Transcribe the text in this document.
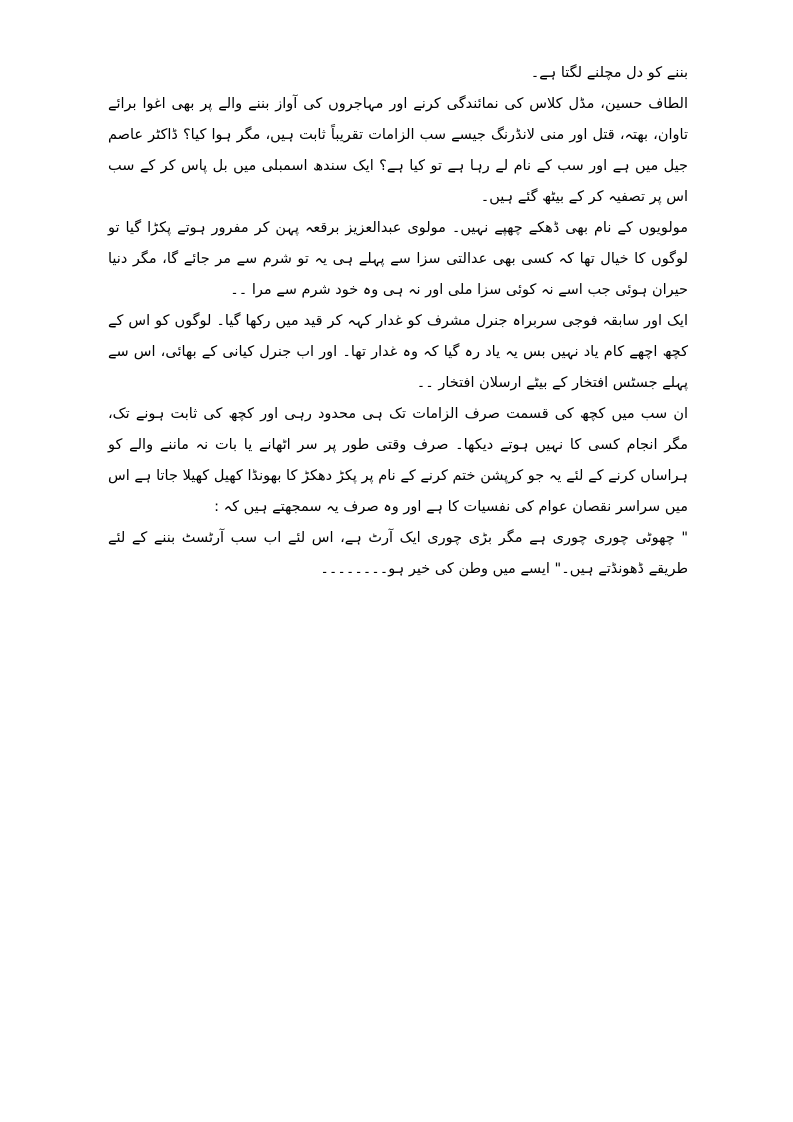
بننے کو دل مچلنے لگتا ہے۔

الطاف حسین، مڈل کلاس کی نمائندگی کرنے اور مہاجروں کی آواز بننے والے پر بھی اغوا برائے تاوان، بھتہ، قتل اور منی لانڈرنگ جیسے سب الزامات تقریباً ثابت ہیں، مگر ہوا کیا؟ ڈاکٹر عاصم جیل میں ہے اور سب کے نام لے رہا ہے تو کیا ہے؟ ایک سندھ اسمبلی میں بل پاس کر کے سب اس پر تصفیہ کر کے بیٹھ گئے ہیں۔

مولویوں کے نام بھی ڈھکے چھپے نہیں۔ مولوی عبدالعزیز برقعہ پہن کر مفرور ہوتے پکڑا گیا تو لوگوں کا خیال تھا کہ کسی بھی عدالتی سزا سے پہلے ہی یہ تو شرم سے مر جائے گا، مگر دنیا حیران ہوئی جب اسے نہ کوئی سزا ملی اور نہ ہی وہ خود شرم سے مرا ۔۔

ایک اور سابقہ فوجی سربراہ جنرل مشرف کو غدار کہہ کر قید میں رکھا گیا۔ لوگوں کو اس کے کچھ اچھے کام یاد نہیں بس یہ یاد رہ گیا کہ وہ غدار تھا۔ اور اب جنرل کیانی کے بھائی، اس سے پہلے جسٹس افتخار کے بیٹے ارسلان افتخار ۔۔

ان سب میں کچھ کی قسمت صرف الزامات تک ہی محدود رہی اور کچھ کی ثابت ہونے تک، مگر انجام کسی کا نہیں ہوتے دیکھا۔ صرف وقتی طور پر سر اٹھانے یا بات نہ ماننے والے کو ہراساں کرنے کے لئے یہ جو کرپشن ختم کرنے کے نام پر پکڑ دھکڑ کا بھونڈا کھیل کھیلا جاتا ہے اس میں سراسر نقصان عوام کی نفسیات کا ہے اور وہ صرف یہ سمجھتے ہیں کہ :

" چھوٹی چوری چوری ہے مگر بڑی چوری ایک آرٹ ہے، اس لئے اب سب آرٹسٹ بننے کے لئے طریقے ڈھونڈتے ہیں۔" ایسے میں وطن کی خیر ہو۔۔۔۔۔۔۔۔
